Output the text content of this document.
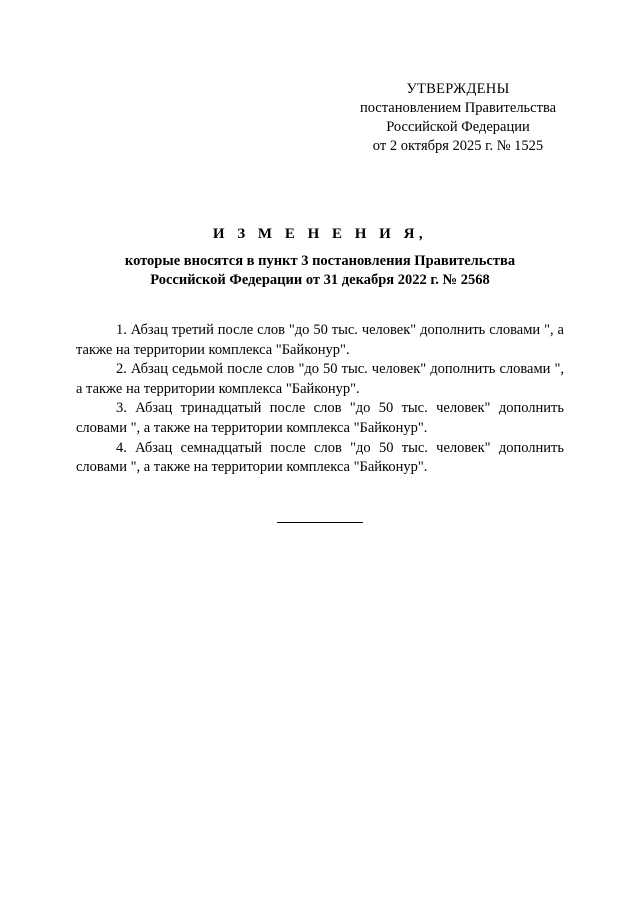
УТВЕРЖДЕНЫ
постановлением Правительства
Российской Федерации
от 2 октября 2025 г. № 1525
И З М Е Н Е Н И Я,
которые вносятся в пункт 3 постановления Правительства
Российской Федерации от 31 декабря 2022 г. № 2568

1. Абзац третий после слов "до 50 тыс. человек" дополнить словами ", а также на территории комплекса "Байконур".

2. Абзац седьмой после слов "до 50 тыс. человек" дополнить словами ", а также на территории комплекса "Байконур".

3. Абзац тринадцатый после слов "до 50 тыс. человек" дополнить словами ", а также на территории комплекса "Байконур".

4. Абзац семнадцатый после слов "до 50 тыс. человек" дополнить словами ", а также на территории комплекса "Байконур".
